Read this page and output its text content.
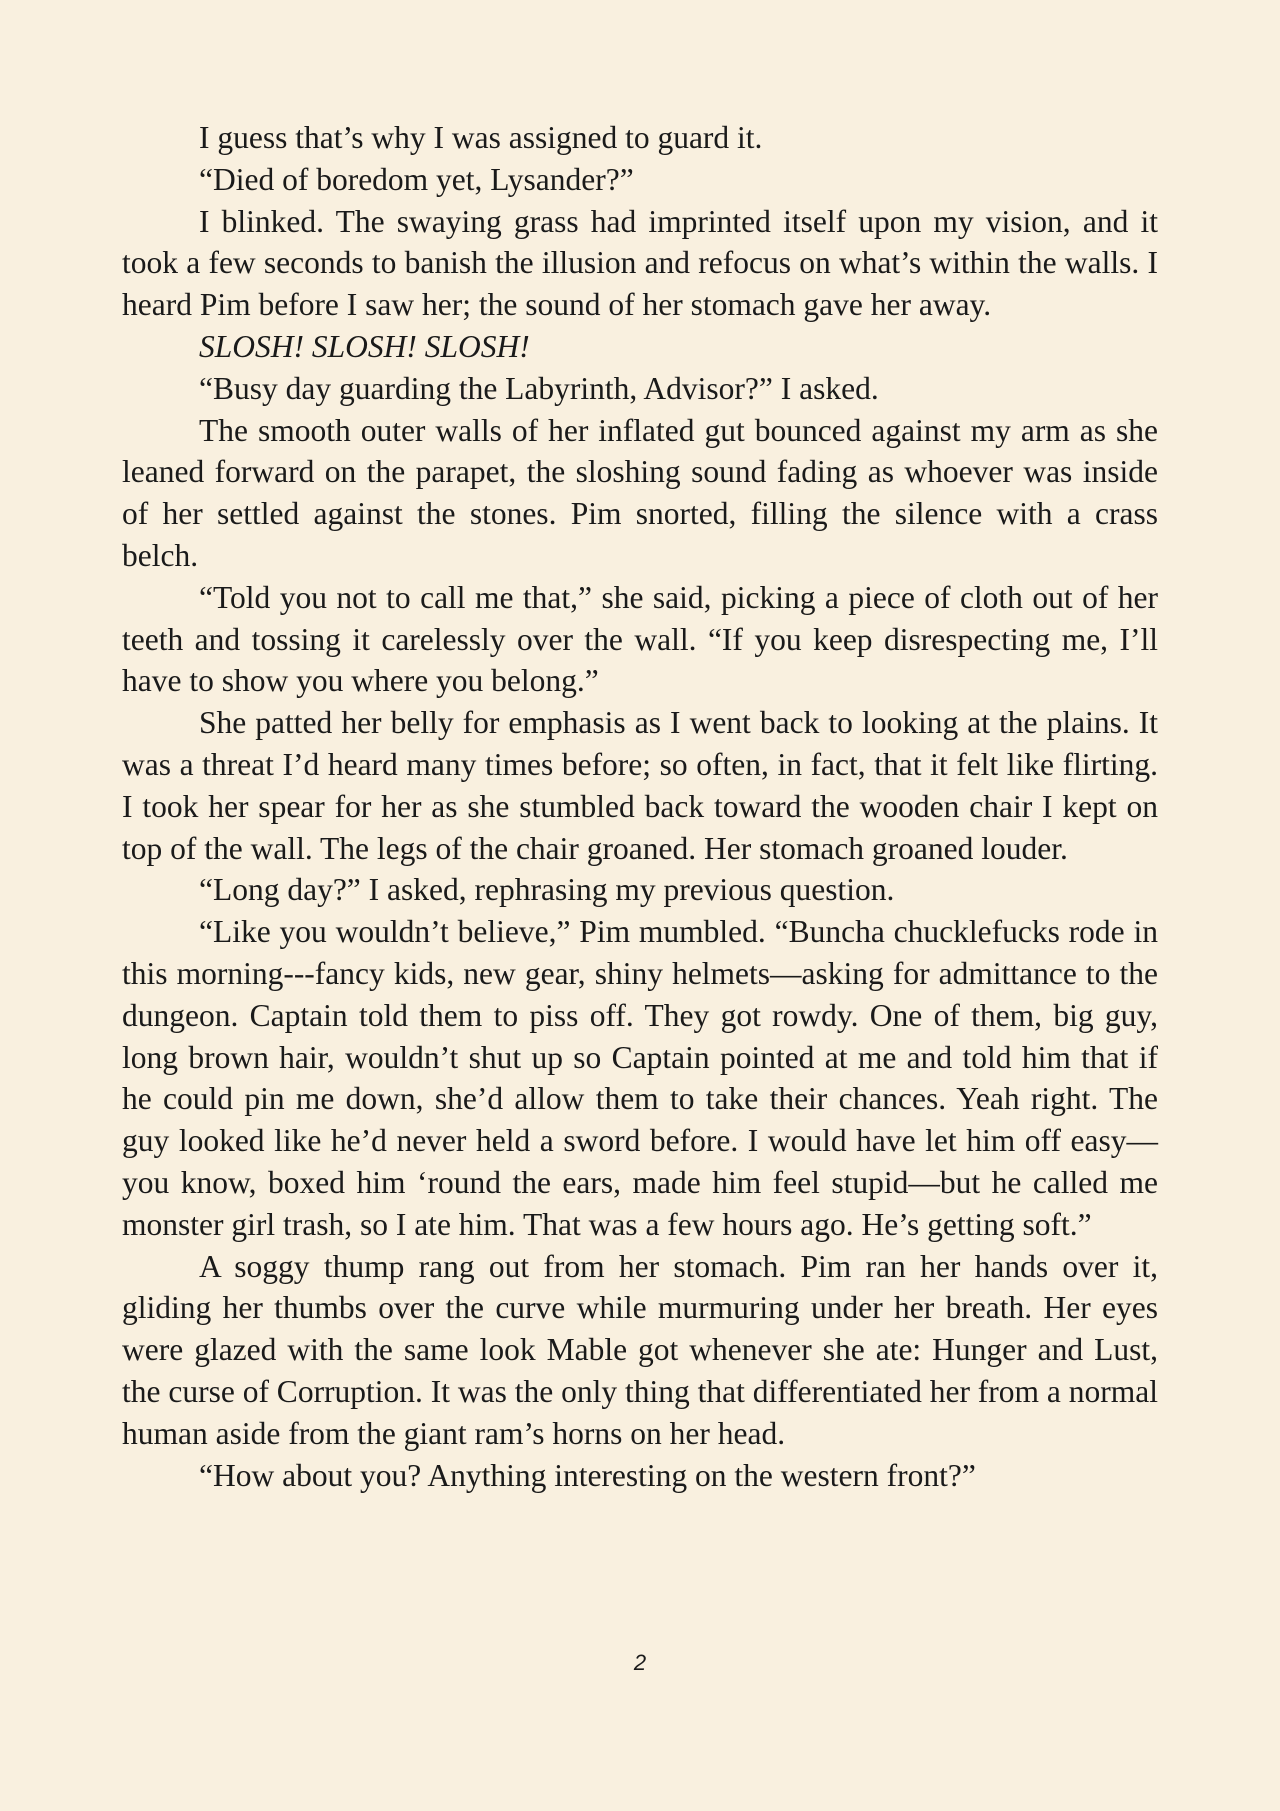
I guess that’s why I was assigned to guard it.

“Died of boredom yet, Lysander?”

I blinked. The swaying grass had imprinted itself upon my vision, and it took a few seconds to banish the illusion and refocus on what’s within the walls. I heard Pim before I saw her; the sound of her stomach gave her away.

SLOSH! SLOSH! SLOSH!

“Busy day guarding the Labyrinth, Advisor?” I asked.

The smooth outer walls of her inflated gut bounced against my arm as she leaned forward on the parapet, the sloshing sound fading as whoever was inside of her settled against the stones. Pim snorted, filling the silence with a crass belch.

“Told you not to call me that,” she said, picking a piece of cloth out of her teeth and tossing it carelessly over the wall. “If you keep disrespecting me, I’ll have to show you where you belong.”

She patted her belly for emphasis as I went back to looking at the plains. It was a threat I’d heard many times before; so often, in fact, that it felt like flirting. I took her spear for her as she stumbled back toward the wooden chair I kept on top of the wall. The legs of the chair groaned. Her stomach groaned louder.

“Long day?” I asked, rephrasing my previous question.

“Like you wouldn’t believe,” Pim mumbled. “Buncha chucklefucks rode in this morning---fancy kids, new gear, shiny helmets—asking for admittance to the dungeon. Captain told them to piss off. They got rowdy. One of them, big guy, long brown hair, wouldn’t shut up so Captain pointed at me and told him that if he could pin me down, she’d allow them to take their chances. Yeah right. The guy looked like he’d never held a sword before. I would have let him off easy—you know, boxed him ‘round the ears, made him feel stupid—but he called me monster girl trash, so I ate him. That was a few hours ago. He’s getting soft.”

A soggy thump rang out from her stomach. Pim ran her hands over it, gliding her thumbs over the curve while murmuring under her breath. Her eyes were glazed with the same look Mable got whenever she ate: Hunger and Lust, the curse of Corruption. It was the only thing that differentiated her from a normal human aside from the giant ram’s horns on her head.

“How about you? Anything interesting on the western front?”

2
